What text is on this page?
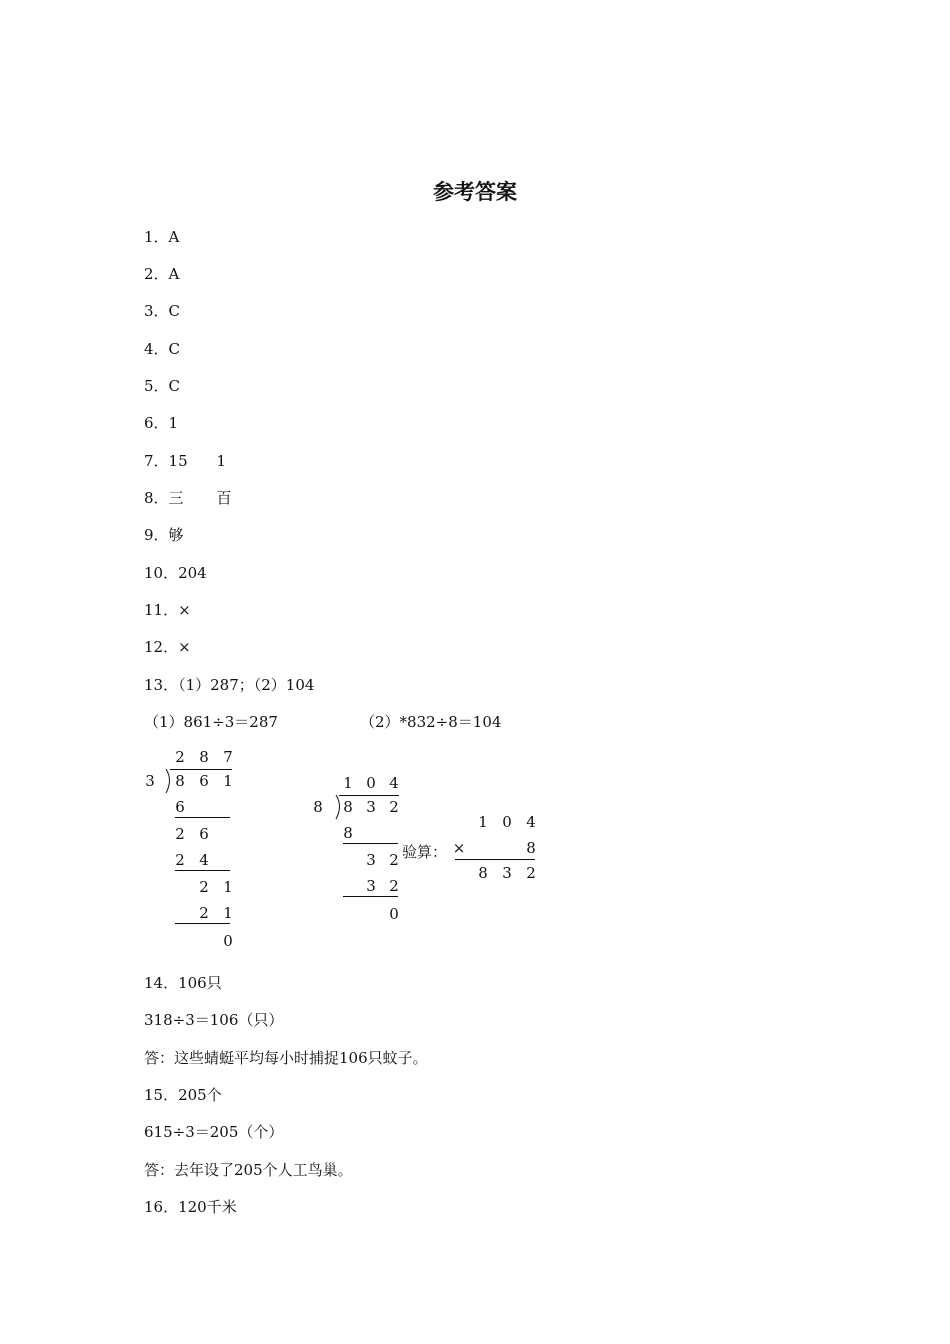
参考答案
1．A
2．A
3．C
4．C
5．C
6．1
7．15 1
8．三 百
9．够
10．204
11．×
12．×
13．（1）287；（2）104
（1）861÷3＝287	（2）*832÷8＝104
2 8 7
3 8 6 1
6
2 6
2 4
2 1
2 1
0
1 0 4
8 8 3 2
8
3 2
3 2
0
验算：
1 0 4
×	8
8 3 2
14．106只
318÷3＝106（只）
答：这些蜻蜓平均每小时捕捉106只蚊子。
15．205个
615÷3＝205（个）
答：去年设了205个人工鸟巢。
16．120千米
